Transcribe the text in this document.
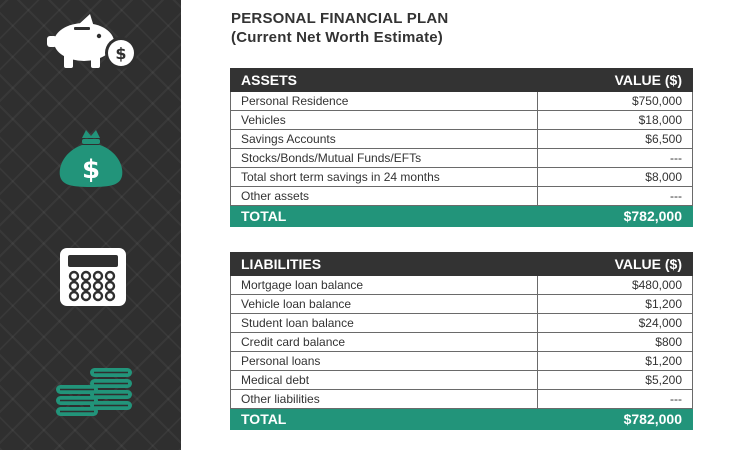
$
$
PERSONAL FINANCIAL PLAN
(Current Net Worth Estimate)
ASSETS	VALUE ($)
Personal Residence	$750,000
Vehicles	$18,000
Savings Accounts	$6,500
Stocks/Bonds/Mutual Funds/EFTs	---
Total short term savings in 24 months	$8,000
Other assets	---
TOTAL	$782,000
LIABILITIES	VALUE ($)
Mortgage loan balance	$480,000
Vehicle loan balance	$1,200
Student loan balance	$24,000
Credit card balance	$800
Personal loans	$1,200
Medical debt	$5,200
Other liabilities	---
TOTAL	$782,000
